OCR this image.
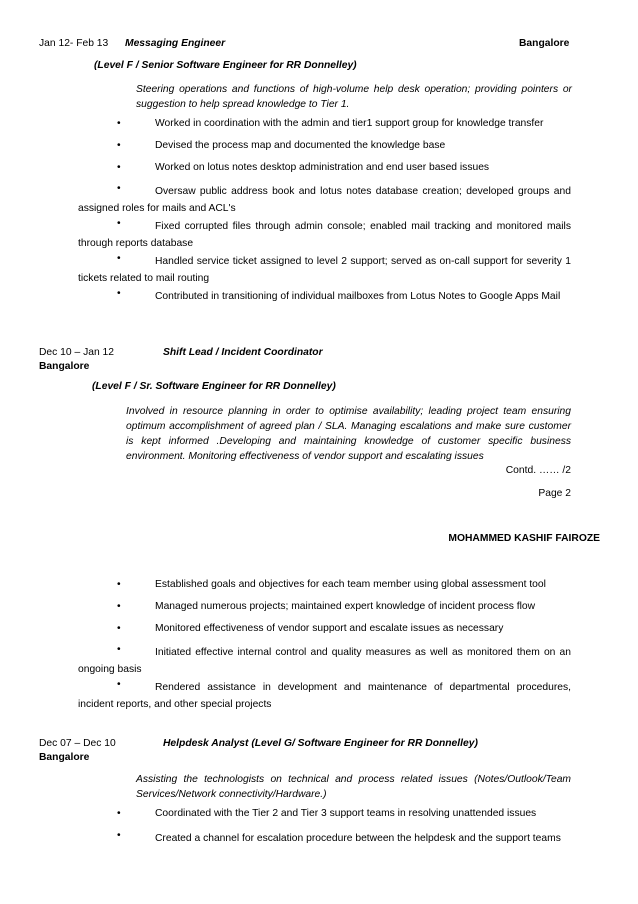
Jan 12- Feb 13 Messaging Engineer	Bangalore
(Level F / Senior Software Engineer for RR Donnelley)
Steering operations and functions of high-volume help desk operation; providing pointers or suggestion to help spread knowledge to Tier 1.
•	Worked in coordination with the admin and tier1 support group for knowledge transfer
•	Devised the process map and documented the knowledge base
•	Worked on lotus notes desktop administration and end user based issues
Oversaw public address book and lotus notes database creation; developed groups and assigned roles for mails and ACL's
•
Fixed corrupted files through admin console; enabled mail tracking and monitored mails through reports database
•
Handled service ticket assigned to level 2 support; served as on-call support for severity 1 tickets related to mail routing
•
Contributed in transitioning of individual mailboxes from Lotus Notes to Google Apps Mail
•
Dec 10 – Jan 12
Bangalore
Shift Lead / Incident Coordinator
(Level F / Sr. Software Engineer for RR Donnelley)
Involved in resource planning in order to optimise availability; leading project team ensuring optimum accomplishment of agreed plan / SLA. Managing escalations and make sure customer is kept informed .Developing and maintaining knowledge of customer specific business environment. Monitoring effectiveness of vendor support and escalating issues
Contd. …… /2
Page 2
MOHAMMED KASHIF FAIROZE
•	Established goals and objectives for each team member using global assessment tool
•	Managed numerous projects; maintained expert knowledge of incident process flow
•	Monitored effectiveness of vendor support and escalate issues as necessary
Initiated effective internal control and quality measures as well as monitored them on an ongoing basis
•
Rendered assistance in development and maintenance of departmental procedures, incident reports, and other special projects
•
Dec 07 – Dec 10
Bangalore
Helpdesk Analyst (Level G/ Software Engineer for RR Donnelley)
Assisting the technologists on technical and process related issues (Notes/Outlook/Team Services/Network connectivity/Hardware.)
•	Coordinated with the Tier 2 and Tier 3 support teams in resolving unattended issues
Created a channel for escalation procedure between the helpdesk and the support teams
•
